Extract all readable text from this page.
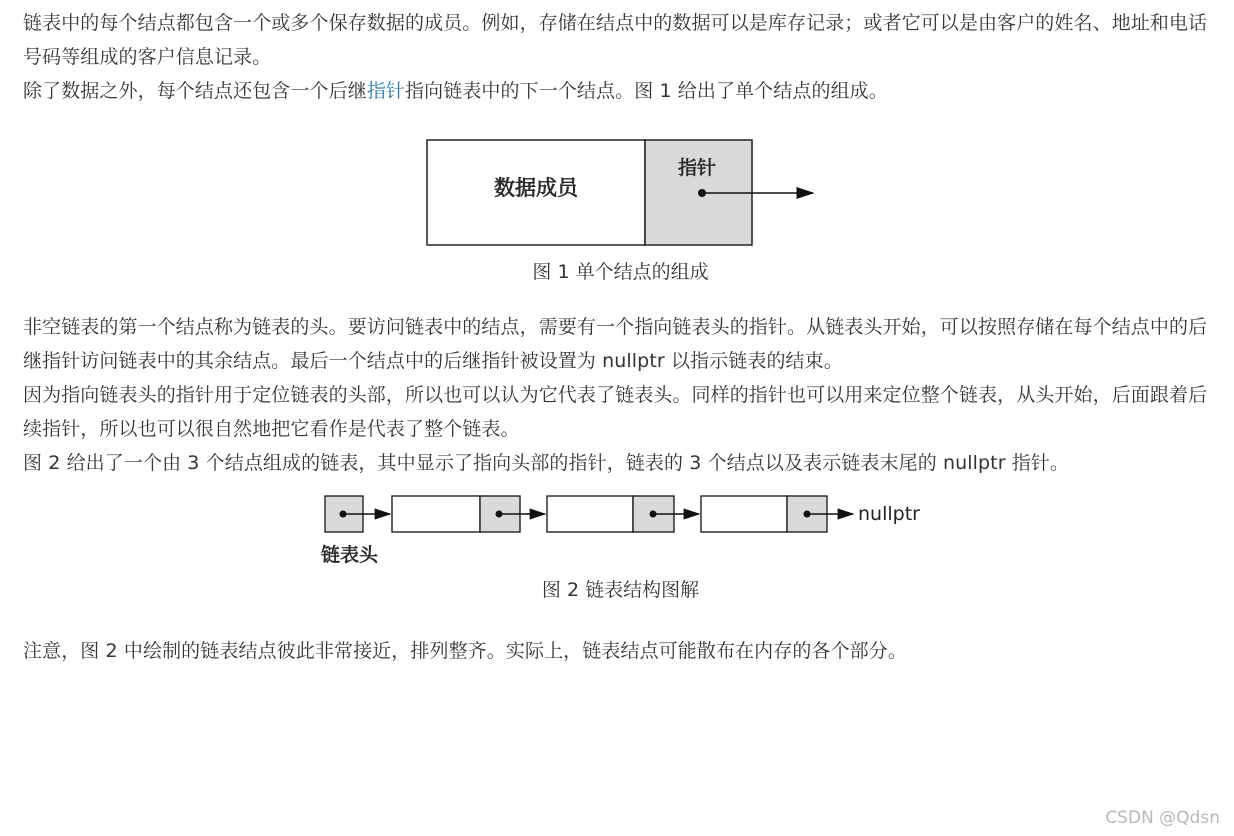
链表中的每个结点都包含一个或多个保存数据的成员。例如，存储在结点中的数据可以是库存记录；或者它可以是由客户的姓名、地址和电话号码等组成的客户信息记录。

除了数据之外，每个结点还包含一个后继指针指向链表中的下一个结点。图 1 给出了单个结点的组成。

数据成员
指针
图 1 单个结点的组成

非空链表的第一个结点称为链表的头。要访问链表中的结点，需要有一个指向链表头的指针。从链表头开始，可以按照存储在每个结点中的后继指针访问链表中的其余结点。最后一个结点中的后继指针被设置为 nullptr 以指示链表的结束。

因为指向链表头的指针用于定位链表的头部，所以也可以认为它代表了链表头。同样的指针也可以用来定位整个链表，从头开始，后面跟着后续指针，所以也可以很自然地把它看作是代表了整个链表。

图 2 给出了一个由 3 个结点组成的链表，其中显示了指向头部的指针，链表的 3 个结点以及表示链表末尾的 nullptr 指针。

nullptr
链表头
图 2 链表结构图解

注意，图 2 中绘制的链表结点彼此非常接近，排列整齐。实际上，链表结点可能散布在内存的各个部分。

CSDN @Qdsn
